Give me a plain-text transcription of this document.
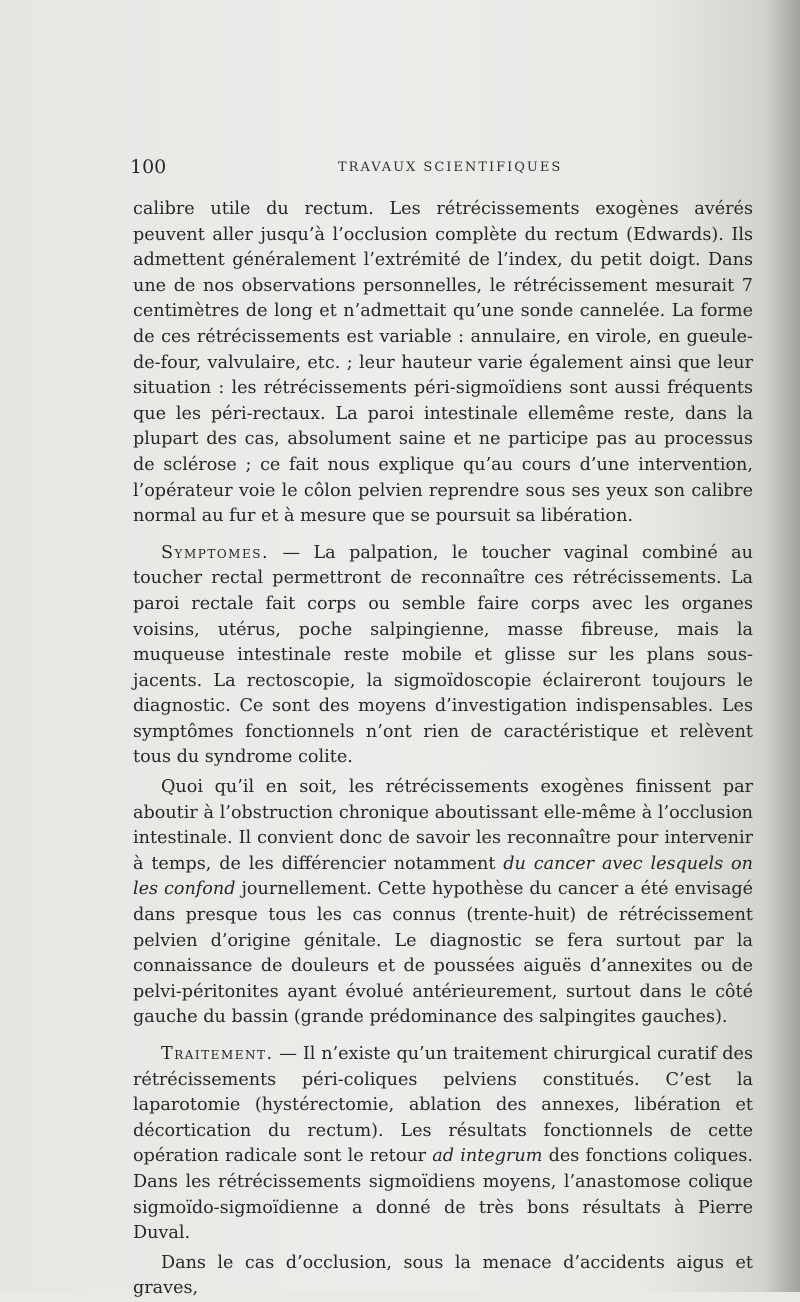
100	TRAVAUX SCIENTIFIQUES

calibre utile du rectum. Les rétrécissements exogènes avérés peuvent aller jusqu’à l’occlusion complète du rectum (Edwards). Ils admettent généralement l’extrémité de l’index, du petit doigt. Dans une de nos observations personnelles, le rétrécissement mesurait 7 centimètres de long et n’admettait qu’une sonde cannelée. La forme de ces rétrécissements est variable : annulaire, en virole, en gueule-de-four, valvulaire, etc. ; leur hauteur varie également ainsi que leur situation : les rétrécissements péri-sigmoïdiens sont aussi fréquents que les péri-rectaux. La paroi intestinale ellemême reste, dans la plupart des cas, absolument saine et ne participe pas au processus de sclérose ; ce fait nous explique qu’au cours d’une intervention, l’opérateur voie le côlon pelvien reprendre sous ses yeux son calibre normal au fur et à mesure que se poursuit sa libération.

Symptomes. — La palpation, le toucher vaginal combiné au toucher rectal permettront de reconnaître ces rétrécissements. La paroi rectale fait corps ou semble faire corps avec les organes voisins, utérus, poche salpingienne, masse fibreuse, mais la muqueuse intestinale reste mobile et glisse sur les plans sous-jacents. La rectoscopie, la sigmoïdoscopie éclaireront toujours le diagnostic. Ce sont des moyens d’investigation indispensables. Les symptômes fonctionnels n’ont rien de caractéristique et relèvent tous du syndrome colite.

Quoi qu’il en soit, les rétrécissements exogènes finissent par aboutir à l’obstruction chronique aboutissant elle-même à l’occlusion intestinale. Il convient donc de savoir les reconnaître pour intervenir à temps, de les différencier notamment du cancer avec lesquels on les confond journellement. Cette hypothèse du cancer a été envisagé dans presque tous les cas connus (trente-huit) de rétrécissement pelvien d’origine génitale. Le diagnostic se fera surtout par la connaissance de douleurs et de poussées aiguës d’annexites ou de pelvi-péritonites ayant évolué antérieurement, surtout dans le côté gauche du bassin (grande prédominance des salpingites gauches).

Traitement. — Il n’existe qu’un traitement chirurgical curatif des rétrécissements péri-coliques pelviens constitués. C’est la laparotomie (hystérectomie, ablation des annexes, libération et décortication du rectum). Les résultats fonctionnels de cette opération radicale sont le retour ad integrum des fonctions coliques. Dans les rétrécissements sigmoïdiens moyens, l’anastomose colique sigmoïdo-sigmoïdienne a donné de très bons résultats à Pierre Duval.

Dans le cas d’occlusion, sous la menace d’accidents aigus et graves,
